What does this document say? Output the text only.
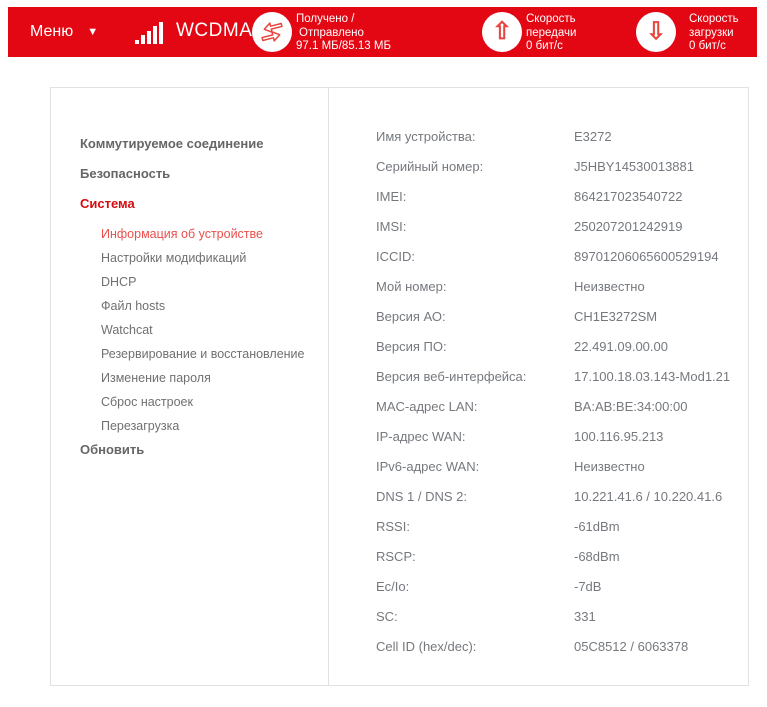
Меню ▼	WCDMA
Получено /
Отправлено
97.1 МБ/85.13 МБ
⇧ Скорость
передачи
0 бит/с
⇩ Скорость
загрузки
0 бит/с
Коммутируемое соединение
Безопасность
Система
Информация об устройстве
Настройки модификаций
DHCP
Файл hosts
Watchcat
Резервирование и восстановление
Изменение пароля
Сброс настроек
Перезагрузка
Обновить
Имя устройства:	E3272
Серийный номер:	J5HBY14530013881
IMEI:	864217023540722
IMSI:	250207201242919
ICCID:	89701206065600529194
Мой номер:	Неизвестно
Версия АО:	CH1E3272SM
Версия ПО:	22.491.09.00.00
Версия веб-интерфейса:	17.100.18.03.143-Mod1.21
MAC-адрес LAN:	BA:AB:BE:34:00:00
IP-адрес WAN:	100.116.95.213
IPv6-адрес WAN:	Неизвестно
DNS 1 / DNS 2:	10.221.41.6 / 10.220.41.6
RSSI:	-61dBm
RSCP:	-68dBm
Ec/Io:	-7dB
SC:	331
Cell ID (hex/dec):	05C8512 / 6063378
